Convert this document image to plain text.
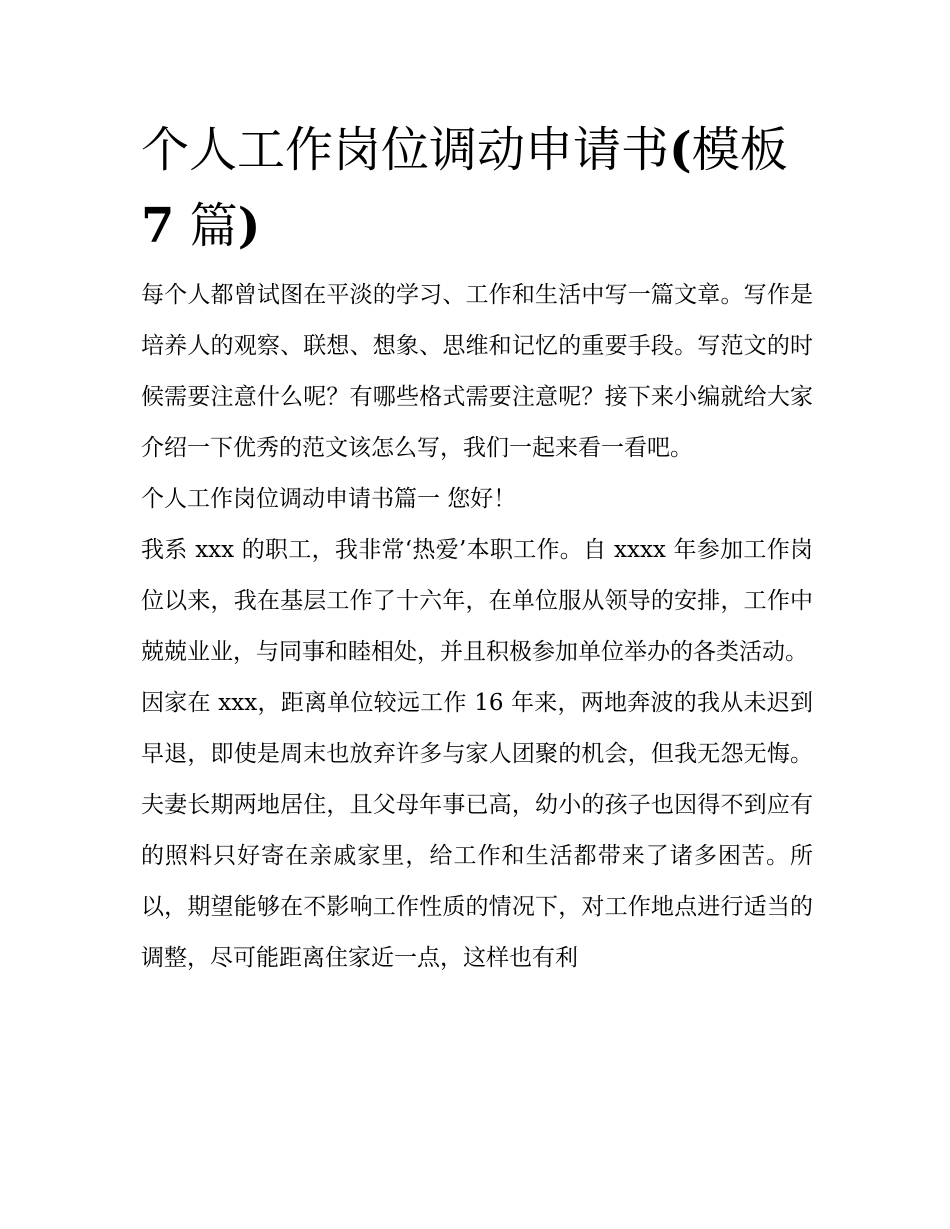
个人工作岗位调动申请书(模板
7 篇)

每个人都曾试图在平淡的学习、工作和生活中写一篇文章。写作是培养人的观察、联想、想象、思维和记忆的重要手段。写范文的时候需要注意什么呢？有哪些格式需要注意呢？接下来小编就给大家介绍一下优秀的范文该怎么写，我们一起来看一看吧。

个人工作岗位调动申请书篇一 您好！

我系 xxx 的职工，我非常‘热爱’本职工作。自 xxxx 年参加工作岗位以来，我在基层工作了十六年，在单位服从领导的安排，工作中兢兢业业，与同事和睦相处，并且积极参加单位举办的各类活动。

因家在 xxx，距离单位较远工作 16 年来，两地奔波的我从未迟到早退，即使是周末也放弃许多与家人团聚的机会，但我无怨无悔。夫妻长期两地居住，且父母年事已高，幼小的孩子也因得不到应有的照料只好寄在亲戚家里，给工作和生活都带来了诸多困苦。所以，期望能够在不影响工作性质的情况下，对工作地点进行适当的调整，尽可能距离住家近一点，这样也有利
